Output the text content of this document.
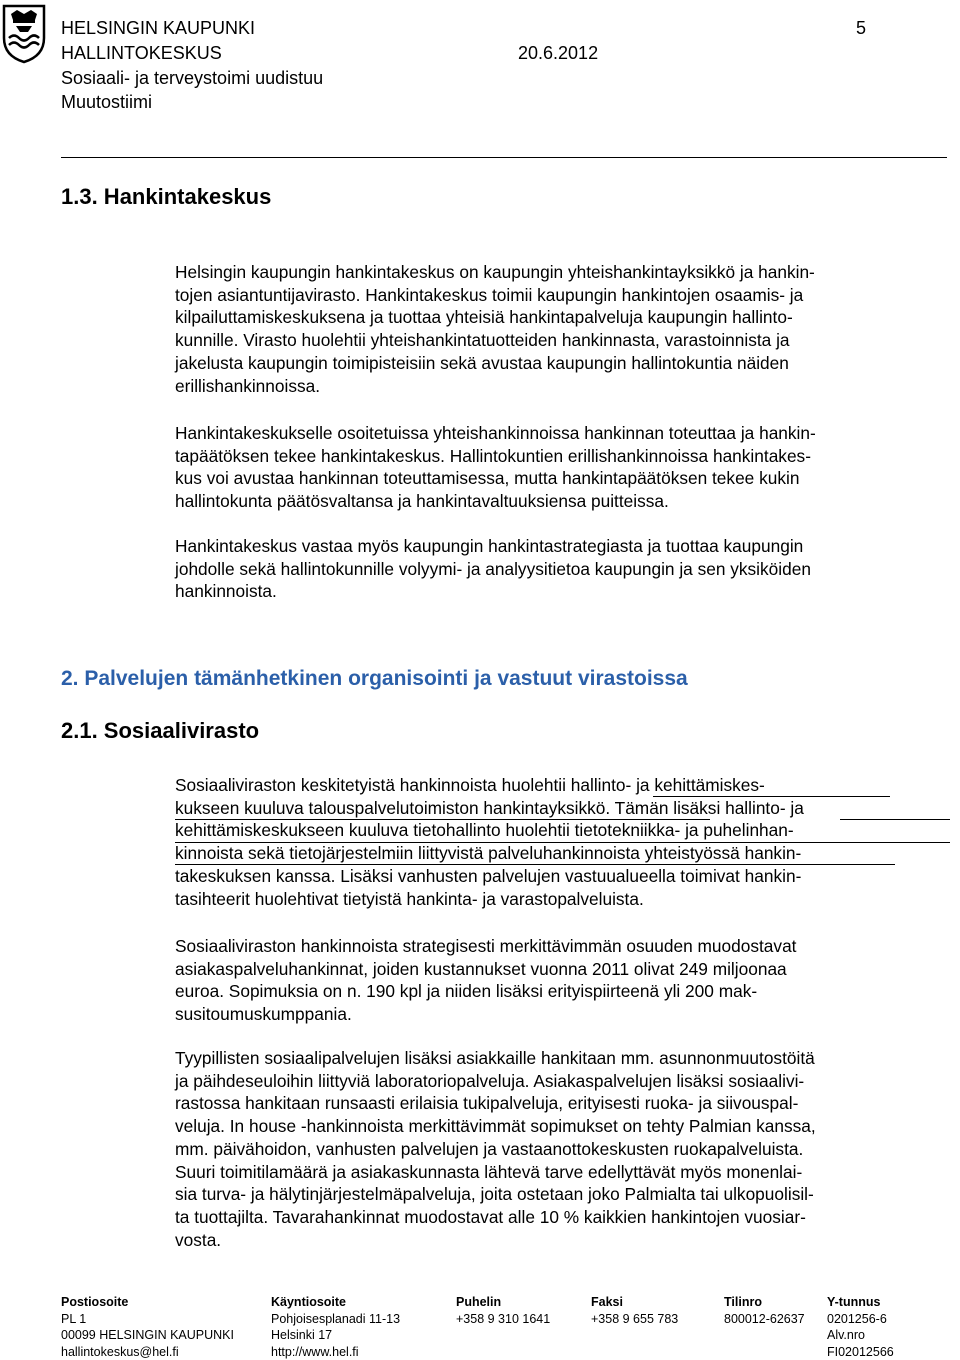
HELSINGIN KAUPUNKI	5
HALLINTOKESKUS	20.6.2012
Sosiaali- ja terveystoimi uudistuu
Muutostiimi
1.3. Hankintakeskus
Helsingin kaupungin hankintakeskus on kaupungin yhteishankintayksikkö ja hankin-
tojen asiantuntijavirasto. Hankintakeskus toimii kaupungin hankintojen osaamis- ja
kilpailuttamiskeskuksena ja tuottaa yhteisiä hankintapalveluja kaupungin hallinto-
kunnille. Virasto huolehtii yhteishankintatuotteiden hankinnasta, varastoinnista ja
jakelusta kaupungin toimipisteisiin sekä avustaa kaupungin hallintokuntia näiden
erillishankinnoissa.
Hankintakeskukselle osoitetuissa yhteishankinnoissa hankinnan toteuttaa ja hankin-
tapäätöksen tekee hankintakeskus. Hallintokuntien erillishankinnoissa hankintakes-
kus voi avustaa hankinnan toteuttamisessa, mutta hankintapäätöksen tekee kukin
hallintokunta päätösvaltansa ja hankintavaltuuksiensa puitteissa.
Hankintakeskus vastaa myös kaupungin hankintastrategiasta ja tuottaa kaupungin
johdolle sekä hallintokunnille volyymi- ja analyysitietoa kaupungin ja sen yksiköiden
hankinnoista.
2. Palvelujen tämänhetkinen organisointi ja vastuut virastoissa
2.1. Sosiaalivirasto
Sosiaaliviraston keskitetyistä hankinnoista huolehtii hallinto- ja kehittämiskes-
kukseen kuuluva talouspalvelutoimiston hankintayksikkö. Tämän lisäksi hallinto- ja
kehittämiskeskukseen kuuluva tietohallinto huolehtii tietotekniikka- ja puhelinhan-
kinnoista sekä tietojärjestelmiin liittyvistä palveluhankinnoista yhteistyössä hankin-
takeskuksen kanssa. Lisäksi vanhusten palvelujen vastuualueella toimivat hankin-
tasihteerit huolehtivat tietyistä hankinta- ja varastopalveluista.
Sosiaaliviraston hankinnoista strategisesti merkittävimmän osuuden muodostavat
asiakaspalveluhankinnat, joiden kustannukset vuonna 2011 olivat 249 miljoonaa
euroa. Sopimuksia on n. 190 kpl ja niiden lisäksi erityispiirteenä yli 200 mak-
susitoumuskumppania.
Tyypillisten sosiaalipalvelujen lisäksi asiakkaille hankitaan mm. asunnonmuutostöitä
ja päihdeseuloihin liittyviä laboratoriopalveluja. Asiakaspalvelujen lisäksi sosiaalivi-
rastossa hankitaan runsaasti erilaisia tukipalveluja, erityisesti ruoka- ja siivouspal-
veluja. In house -hankinnoista merkittävimmät sopimukset on tehty Palmian kanssa,
mm. päivähoidon, vanhusten palvelujen ja vastaanottokeskusten ruokapalveluista.
Suuri toimitilamäärä ja asiakaskunnasta lähtevä tarve edellyttävät myös monenlai-
sia turva- ja hälytinjärjestelmäpalveluja, joita ostetaan joko Palmialta tai ulkopuolisil-
ta tuottajilta. Tavarahankinnat muodostavat alle 10 % kaikkien hankintojen vuosiar-
vosta.
Postiosoite	Käyntiosoite	Puhelin	Faksi	Tilinro	Y-tunnus
PL 1	Pohjoisesplanadi 11-13	+358 9 310 1641	+358 9 655 783	800012-62637	0201256-6
00099 HELSINGIN KAUPUNKI	Helsinki 17				Alv.nro
hallintokeskus@hel.fi	http://www.hel.fi				FI02012566
